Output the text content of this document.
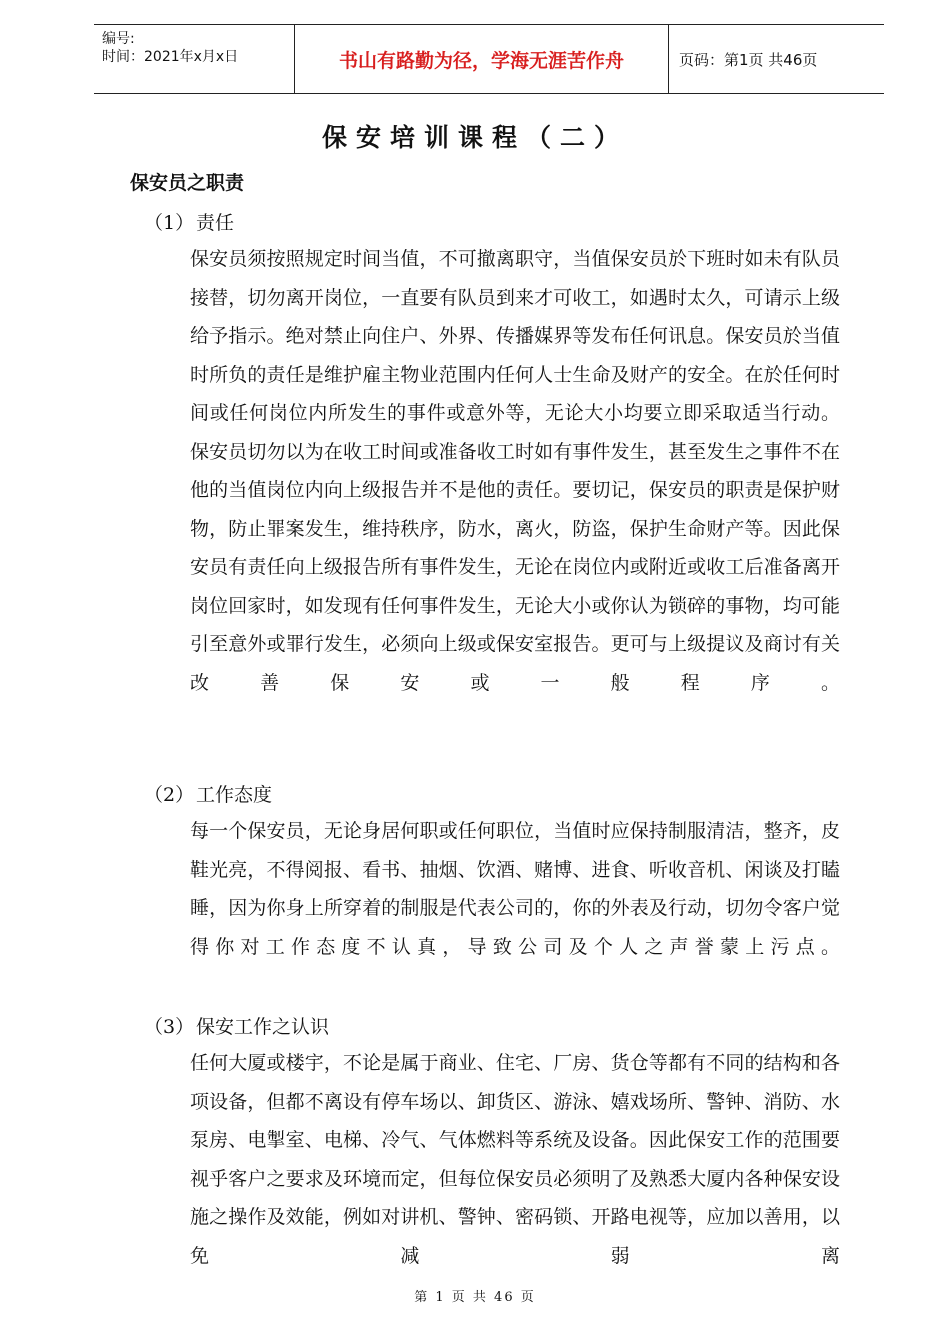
编号:
时间：2021年x月x日	书山有路勤为径，学海无涯苦作舟	页码：第1页 共46页
保安培训课程（二）
保安员之职责
（1） 责任

保安员须按照规定时间当值，不可撤离职守，当值保安员於下班时如未有队员接替，切勿离开岗位，一直要有队员到来才可收工，如遇时太久，可请示上级给予指示。绝对禁止向住户、外界、传播媒界等发布任何讯息。保安员於当值时所负的责任是维护雇主物业范围内任何人士生命及财产的安全。在於任何时间或任何岗位内所发生的事件或意外等，无论大小均要立即采取适当行动。

保安员切勿以为在收工时间或准备收工时如有事件发生，甚至发生之事件不在他的当值岗位内向上级报告并不是他的责任。要切记，保安员的职责是保护财物，防止罪案发生，维持秩序，防水，离火，防盗，保护生命财产等。因此保安员有责任向上级报告所有事件发生，无论在岗位内或附近或收工后准备离开岗位回家时，如发现有任何事件发生，无论大小或你认为锁碎的事物，均可能引至意外或罪行发生，必须向上级或保安室报告。更可与上级提议及商讨有关改善保安或一般程序。

（2） 工作态度

每一个保安员，无论身居何职或任何职位，当值时应保持制服清洁，整齐，皮鞋光亮，不得阅报、看书、抽烟、饮酒、赌博、进食、听收音机、闲谈及打瞌睡，因为你身上所穿着的制服是代表公司的，你的外表及行动，切勿令客户觉得你对工作态度不认真，导致公司及个人之声誉蒙上污点。

（3） 保安工作之认识

任何大厦或楼宇，不论是属于商业、住宅、厂房、货仓等都有不同的结构和各项设备，但都不离设有停车场以、卸货区、游泳、嬉戏场所、警钟、消防、水泵房、电掣室、电梯、冷气、气体燃料等系统及设备。因此保安工作的范围要视乎客户之要求及环境而定，但每位保安员必须明了及熟悉大厦内各种保安设施之操作及效能，例如对讲机、警钟、密码锁、开路电视等，应加以善用，以免减弱离

第 1 页 共 46 页
